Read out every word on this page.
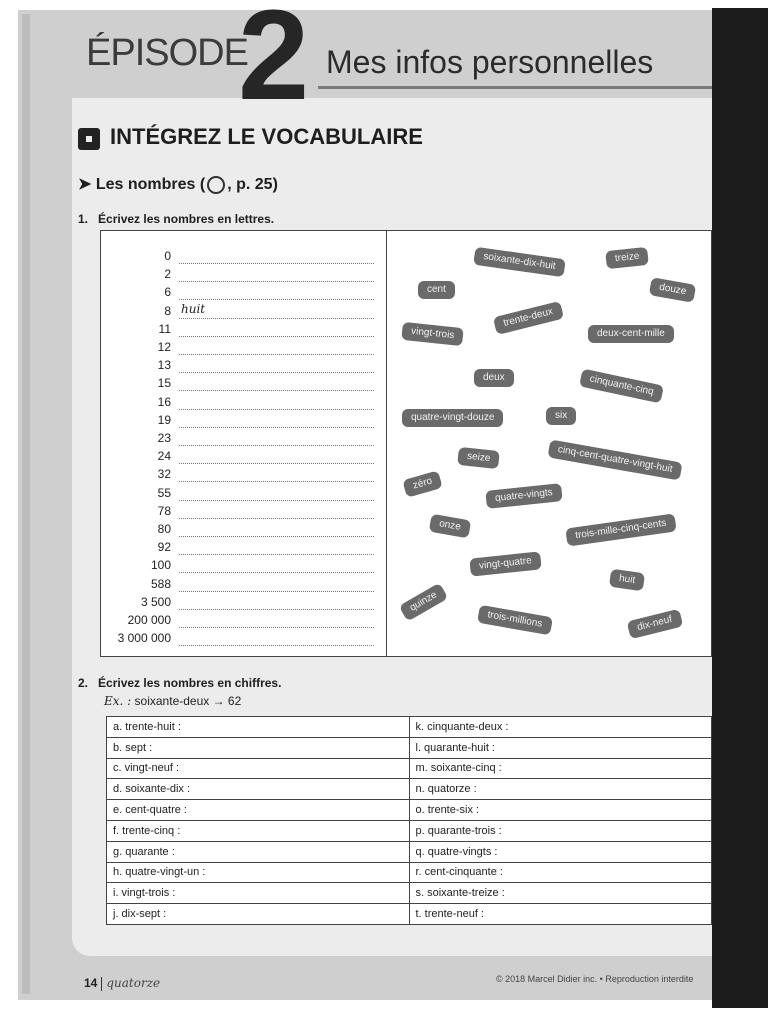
2
ÉPISODE Mes infos personnelles
INTÉGREZ LE VOCABULAIRE
➤ Les nombres ( , p. 25)
1. Écrivez les nombres en lettres.
0
2
6
8 huit
11
12
13
15
16
19
23
24
32
55
78
80
92
100
588
3 500
200 000
3 000 000
soixante-dix-huit	treize
cent	douze
trente-deux
vingt-trois	deux-cent-mille
deux	cinquante-cinq
quatre-vingt-douze	six
seize	cinq-cent-quatre-vingt-huit
zéro
quatre-vingts
onze	trois-mille-cinq-cents
vingt-quatre
huit
quinze
trois-millions	dix-neuf
2. Écrivez les nombres en chiffres.
Ex. : soixante-deux → 62
a. trente-huit :	k. cinquante-deux :
b. sept :	l. quarante-huit :
c. vingt-neuf :	m. soixante-cinq :
d. soixante-dix :	n. quatorze :
e. cent-quatre :	o. trente-six :
f. trente-cinq :	p. quarante-trois :
g. quarante :	q. quatre-vingts :
h. quatre-vingt-un :	r. cent-cinquante :
i. vingt-trois :	s. soixante-treize :
j. dix-sept :	t. trente-neuf :
14 quatorze	© 2018 Marcel Didier inc. • Reproduction interdite
